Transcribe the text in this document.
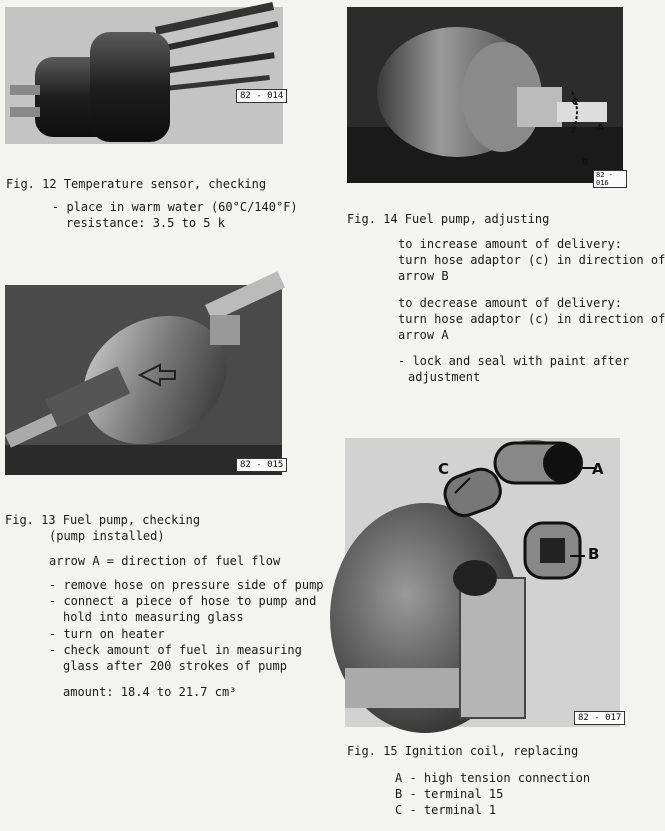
82 - 014
Fig. 12 Temperature sensor, checking
- place in warm water (60°C/140°F)
resistance: 3.5 to 5 k
82 - 015
Fig. 13 Fuel pump, checking
(pump installed)
arrow A = direction of fuel flow
- remove hose on pressure side of pump
- connect a piece of hose to pump and
hold into measuring glass
- turn on heater
- check amount of fuel in measuring
glass after 200 strokes of pump
amount: 18.4 to 21.7 cm³
C
A
B
82 - 016
Fig. 14 Fuel pump, adjusting
to increase amount of delivery:
turn hose adaptor (c) in direction of
arrow B
to decrease amount of delivery:
turn hose adaptor (c) in direction of
arrow A
- lock and seal with paint after
adjustment
C	A
B
82 - 017
Fig. 15 Ignition coil, replacing
A - high tension connection
B - terminal 15
C - terminal 1
